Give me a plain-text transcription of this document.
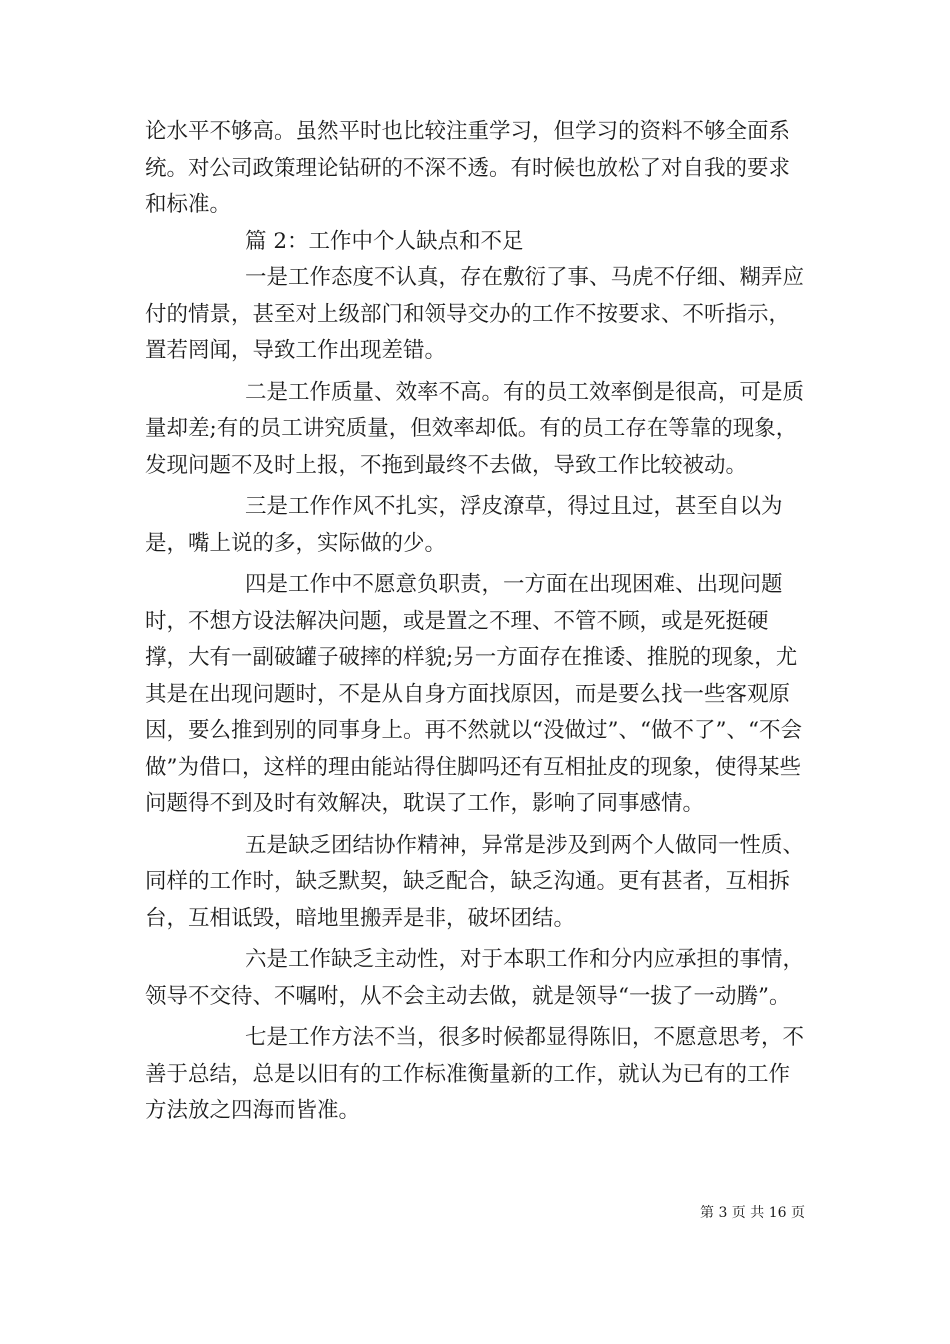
论水平不够高。虽然平时也比较注重学习，但学习的资料不够全面系统。对公司政策理论钻研的不深不透。有时候也放松了对自我的要求和标准。

篇 2：工作中个人缺点和不足

一是工作态度不认真，存在敷衍了事、马虎不仔细、糊弄应付的情景，甚至对上级部门和领导交办的工作不按要求、不听指示，置若罔闻，导致工作出现差错。

二是工作质量、效率不高。有的员工效率倒是很高，可是质量却差;有的员工讲究质量，但效率却低。有的员工存在等靠的现象，发现问题不及时上报，不拖到最终不去做，导致工作比较被动。

三是工作作风不扎实，浮皮潦草，得过且过，甚至自以为是，嘴上说的多，实际做的少。

四是工作中不愿意负职责，一方面在出现困难、出现问题时，不想方设法解决问题，或是置之不理、不管不顾，或是死挺硬撑，大有一副破罐子破摔的样貌;另一方面存在推诿、推脱的现象，尤其是在出现问题时，不是从自身方面找原因，而是要么找一些客观原因，要么推到别的同事身上。再不然就以“没做过”、“做不了”、“不会做”为借口，这样的理由能站得住脚吗还有互相扯皮的现象，使得某些问题得不到及时有效解决，耽误了工作，影响了同事感情。

五是缺乏团结协作精神，异常是涉及到两个人做同一性质、同样的工作时，缺乏默契，缺乏配合，缺乏沟通。更有甚者，互相拆台，互相诋毁，暗地里搬弄是非，破坏团结。

六是工作缺乏主动性，对于本职工作和分内应承担的事情，领导不交待、不嘱咐，从不会主动去做，就是领导“一拔了一动腾”。

七是工作方法不当，很多时候都显得陈旧，不愿意思考，不善于总结，总是以旧有的工作标准衡量新的工作，就认为已有的工作方法放之四海而皆准。

第 3 页 共 16 页
